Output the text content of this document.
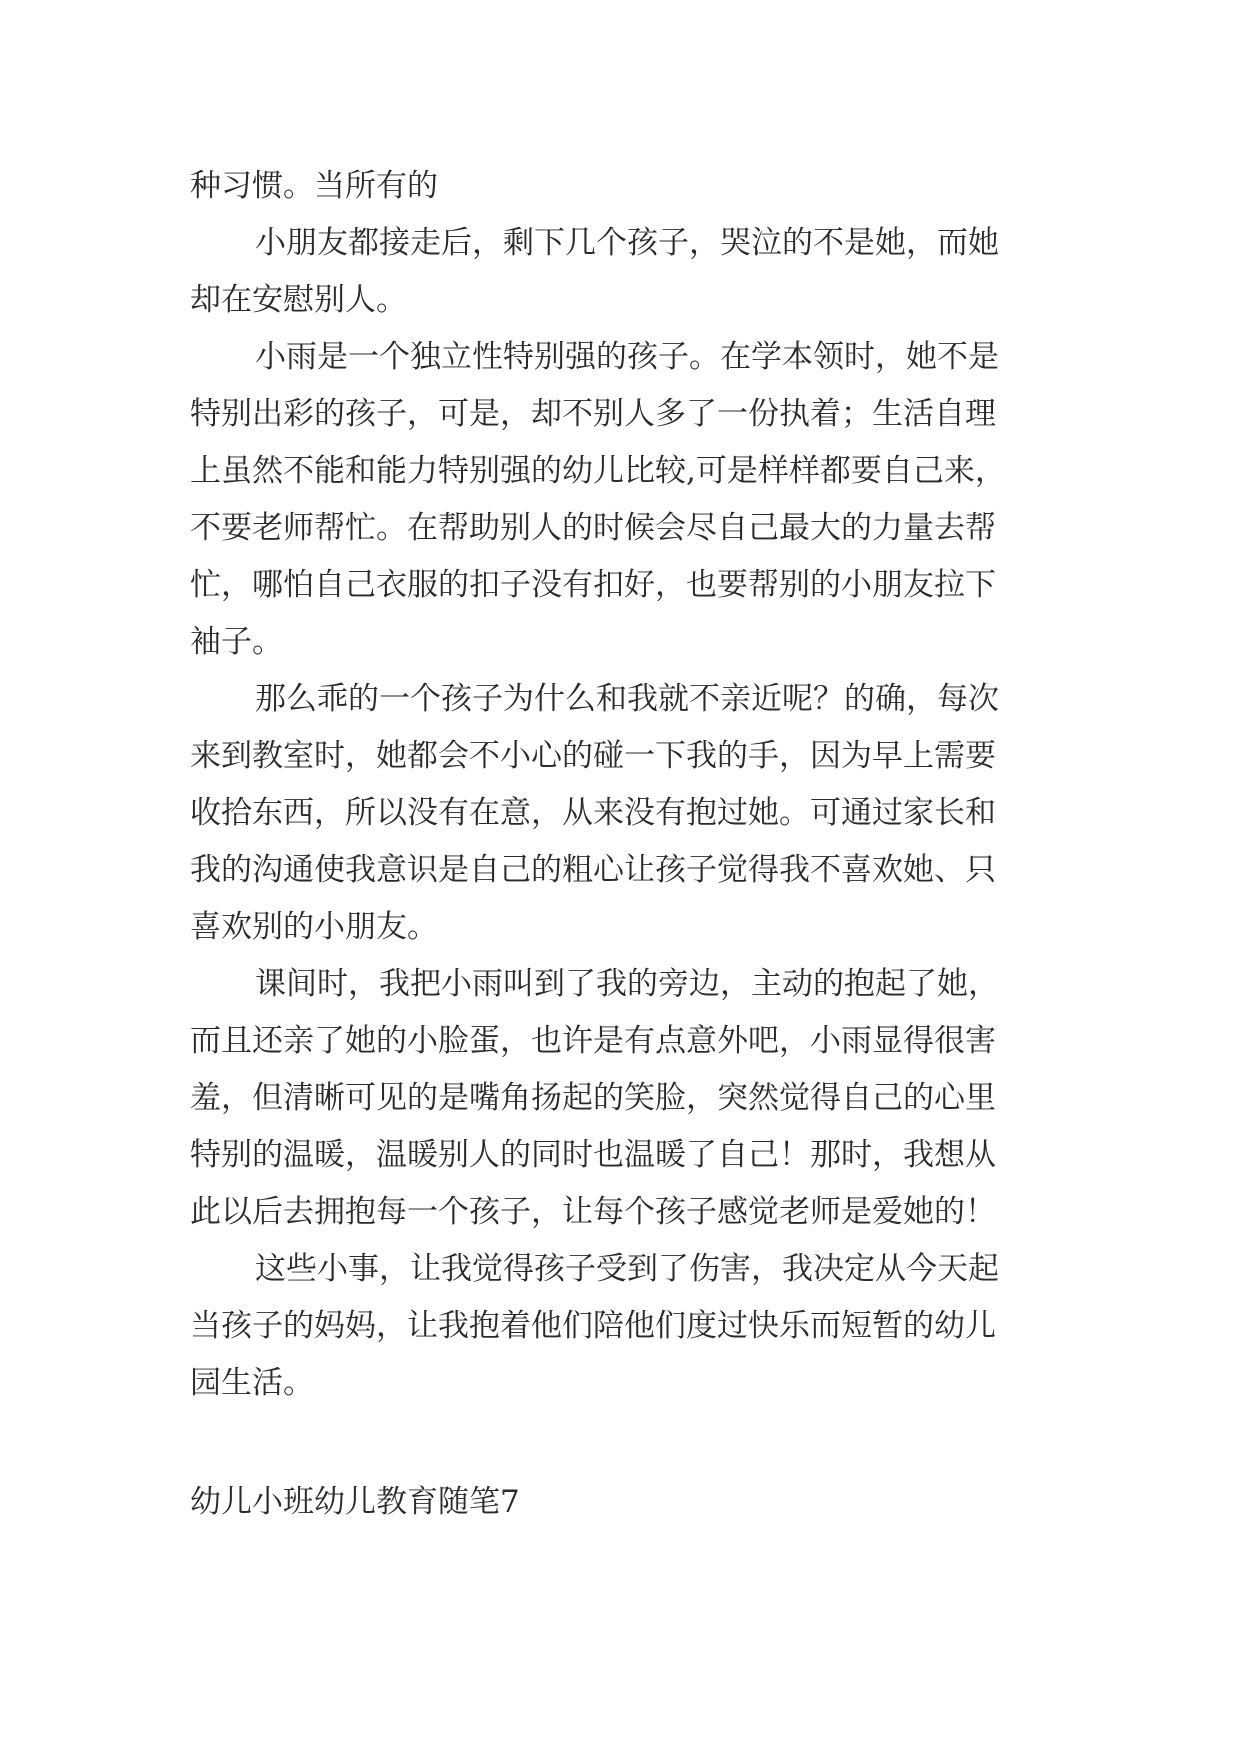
种习惯。当所有的
小朋友都接走后，剩下几个孩子，哭泣的不是她，而她
却在安慰别人。
小雨是一个独立性特别强的孩子。在学本领时，她不是
特别出彩的孩子，可是，却不别人多了一份执着；生活自理
上虽然不能和能力特别强的幼儿比较,可是样样都要自己来，
不要老师帮忙。在帮助别人的时候会尽自己最大的力量去帮
忙，哪怕自己衣服的扣子没有扣好，也要帮别的小朋友拉下
袖子。
那么乖的一个孩子为什么和我就不亲近呢？的确，每次
来到教室时，她都会不小心的碰一下我的手，因为早上需要
收拾东西，所以没有在意，从来没有抱过她。可通过家长和
我的沟通使我意识是自己的粗心让孩子觉得我不喜欢她、只
喜欢别的小朋友。
课间时，我把小雨叫到了我的旁边，主动的抱起了她，
而且还亲了她的小脸蛋，也许是有点意外吧，小雨显得很害
羞，但清晰可见的是嘴角扬起的笑脸，突然觉得自己的心里
特别的温暖，温暖别人的同时也温暖了自己！那时，我想从
此以后去拥抱每一个孩子，让每个孩子感觉老师是爱她的！
这些小事，让我觉得孩子受到了伤害，我决定从今天起
当孩子的妈妈，让我抱着他们陪他们度过快乐而短暂的幼儿
园生活。
幼儿小班幼儿教育随笔7
